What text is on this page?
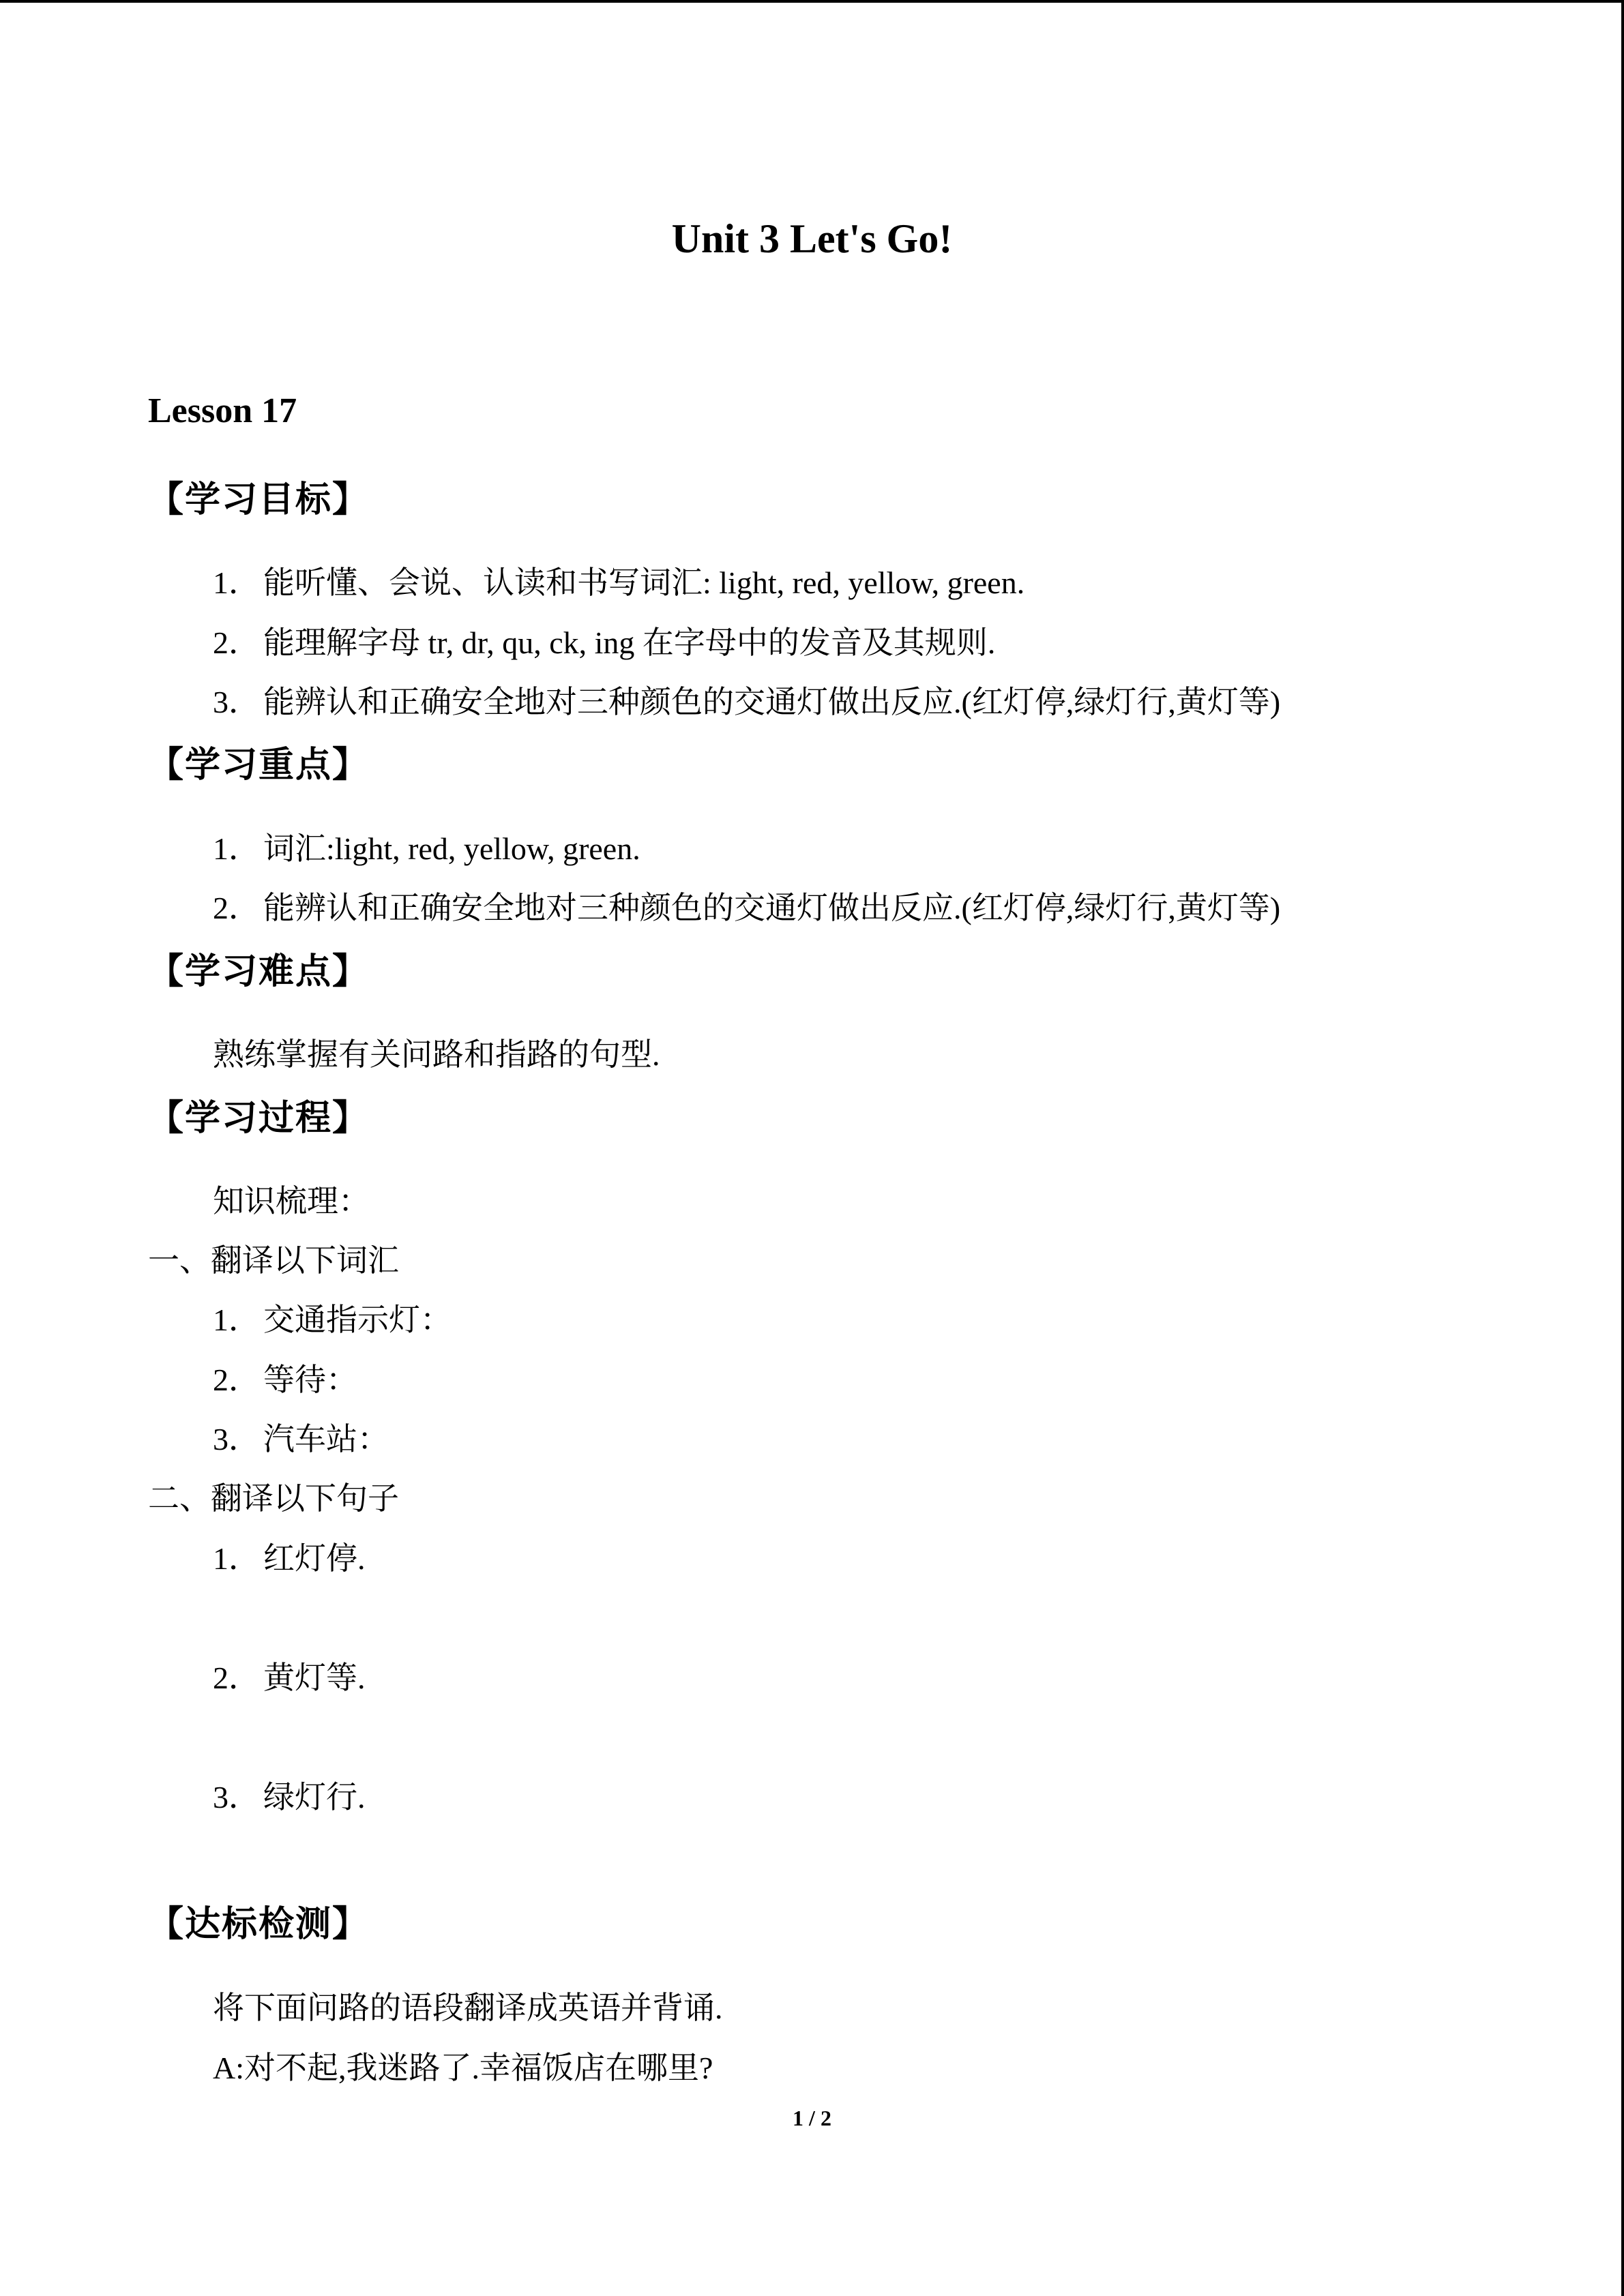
Unit 3 Let's Go!
Lesson 17
【学习目标】
1． 能听懂、会说、认读和书写词汇: light, red, yellow, green.
2． 能理解字母 tr, dr, qu, ck, ing 在字母中的发音及其规则.
3． 能辨认和正确安全地对三种颜色的交通灯做出反应.(红灯停,绿灯行,黄灯等)
【学习重点】
1． 词汇:light, red, yellow, green.
2． 能辨认和正确安全地对三种颜色的交通灯做出反应.(红灯停,绿灯行,黄灯等)
【学习难点】
熟练掌握有关问路和指路的句型.
【学习过程】
知识梳理：
一、翻译以下词汇
1． 交通指示灯：
2． 等待：
3． 汽车站：
二、翻译以下句子
1． 红灯停.
2． 黄灯等.
3． 绿灯行.
【达标检测】
将下面问路的语段翻译成英语并背诵.
A:对不起,我迷路了.幸福饭店在哪里?
1 / 2
